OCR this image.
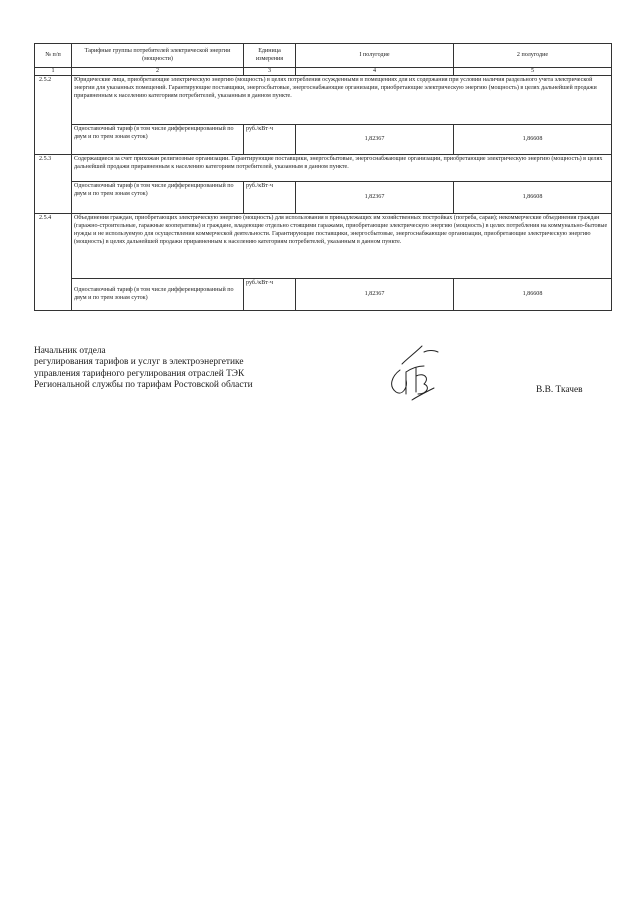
№ п/п	Тарифные группы потребителей электрической энергии (мощности)	Единица измерения	I полугодие	2 полугодие
1	2	3	4	5
2.5.2	Юридические лица, приобретающие электрическую энергию (мощность) в целях потребления осужденными в помещениях для их содержания при условии наличия раздельного учета электрической энергии для указанных помещений. Гарантирующие поставщики, энергосбытовые, энергоснабжающие организации, приобретающие электрическую энергию (мощность) в целях дальнейшей продажи приравненным к населению категориям потребителей, указанным в данном пункте.			
	Одноставочный тариф (в том числе дифференцированный по двум и по трем зонам суток)	руб./кВт·ч	1,82367	1,86608
2.5.3	Содержащиеся за счет прихожан религиозные организации. Гарантирующие поставщики, энергосбытовые, энергоснабжающие организации, приобретающие электрическую энергию (мощность) в целях дальнейшей продажи приравненным к населению категориям потребителей, указанным в данном пункте.			
	Одноставочный тариф (в том числе дифференцированный по двум и по трем зонам суток)	руб./кВт·ч	1,82367	1,86608
2.5.4	Объединения граждан, приобретающих электрическую энергию (мощность) для использования в принадлежащих им хозяйственных постройках (погреба, сараи); некоммерческие объединения граждан (гаражно-строительные, гаражные кооперативы) и граждане, владеющие отдельно стоящими гаражами, приобретающие электрическую энергию (мощность) в целях потребления на коммунально-бытовые нужды и не используемую для осуществления коммерческой деятельности. Гарантирующие поставщики, энергосбытовые, энергоснабжающие организации, приобретающие электрическую энергию (мощность) в целях дальнейшей продажи приравненным к населению категориям потребителей, указанным в данном пункте.			
	Одноставочный тариф (в том числе дифференцированный по двум и по трем зонам суток)	руб./кВт·ч	1,82367	1,86608
Начальник отдела
регулирования тарифов и услуг в электроэнергетике
управления тарифного регулирования отраслей ТЭК
Региональной службы по тарифам Ростовской области
В.В. Ткачев
